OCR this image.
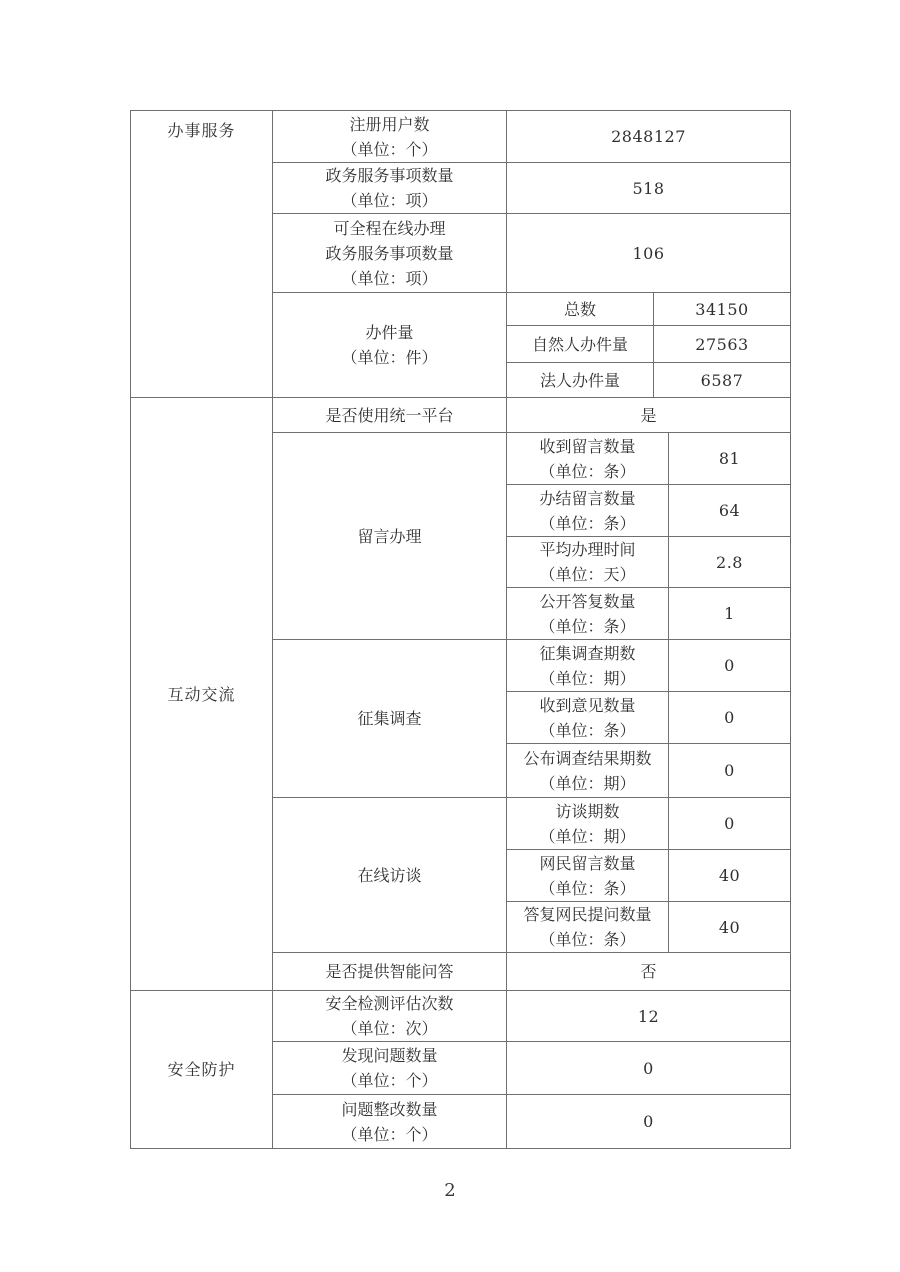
办事服务	注册用户数
（单位：个）	2848127		

	政务服务事项数量
（单位：项）	518		

	可全程在线办理
政务服务事项数量
（单位：项）	106		

	办件量
（单位：件）	总数	34150	
		自然人办件量	27563	
		法人办件量	6587	
互动交流	是否使用统一平台	是		
	留言办理	收到留言数量
（单位：条）		81

		办结留言数量
（单位：条）		64

		平均办理时间
（单位：天）		2.8

		公开答复数量
（单位：条）		1
	征集调查	征集调查期数
（单位：期）		0

		收到意见数量
（单位：条）		0

		公布调查结果期数
（单位：期）		0
	在线访谈	访谈期数
（单位：期）		0

		网民留言数量
（单位：条）		40

		答复网民提问数量
（单位：条）		40
	是否提供智能问答	否		
安全防护	安全检测评估次数
（单位：次）	12		

	发现问题数量
（单位：个）	0		

	问题整改数量
（单位：个）	0		
2
